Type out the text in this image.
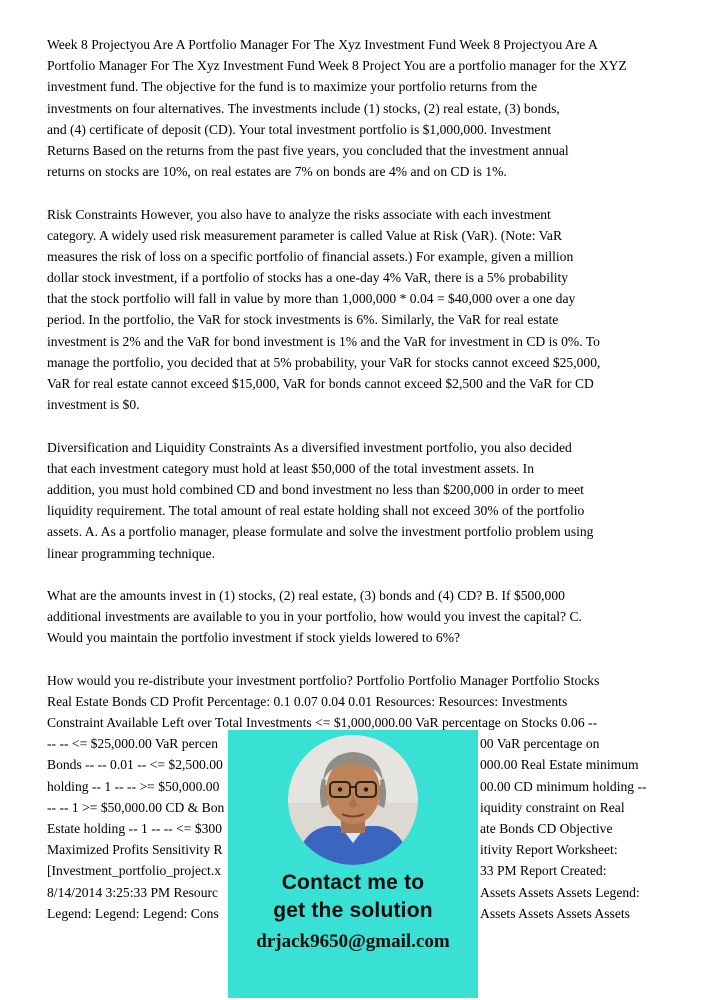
Week 8 Projectyou Are A Portfolio Manager For The Xyz Investment Fund Week 8 Projectyou Are A
Portfolio Manager For The Xyz Investment Fund Week 8 Project You are a portfolio manager for the XYZ
investment fund. The objective for the fund is to maximize your portfolio returns from the
investments on four alternatives. The investments include (1) stocks, (2) real estate, (3) bonds,
and (4) certificate of deposit (CD). Your total investment portfolio is $1,000,000. Investment
Returns Based on the returns from the past five years, you concluded that the investment annual
returns on stocks are 10%, on real estates are 7% on bonds are 4% and on CD is 1%.
Risk Constraints However, you also have to analyze the risks associate with each investment
category. A widely used risk measurement parameter is called Value at Risk (VaR). (Note: VaR
measures the risk of loss on a specific portfolio of financial assets.) For example, given a million
dollar stock investment, if a portfolio of stocks has a one-day 4% VaR, there is a 5% probability
that the stock portfolio will fall in value by more than 1,000,000 * 0.04 = $40,000 over a one day
period. In the portfolio, the VaR for stock investments is 6%. Similarly, the VaR for real estate
investment is 2% and the VaR for bond investment is 1% and the VaR for investment in CD is 0%. To
manage the portfolio, you decided that at 5% probability, your VaR for stocks cannot exceed $25,000,
VaR for real estate cannot exceed $15,000, VaR for bonds cannot exceed $2,500 and the VaR for CD
investment is $0.
Diversification and Liquidity Constraints As a diversified investment portfolio, you also decided
that each investment category must hold at least $50,000 of the total investment assets. In
addition, you must hold combined CD and bond investment no less than $200,000 in order to meet
liquidity requirement. The total amount of real estate holding shall not exceed 30% of the portfolio
assets. A. As a portfolio manager, please formulate and solve the investment portfolio problem using
linear programming technique.
What are the amounts invest in (1) stocks, (2) real estate, (3) bonds and (4) CD? B. If $500,000
additional investments are available to you in your portfolio, how would you invest the capital? C.
Would you maintain the portfolio investment if stock yields lowered to 6%?
How would you re-distribute your investment portfolio? Portfolio Portfolio Manager Portfolio Stocks
Real Estate Bonds CD Profit Percentage: 0.1 0.07 0.04 0.01 Resources: Resources: Investments
Constraint Available Left over Total Investments <= $1,000,000.00 VaR percentage on Stocks 0.06 --
-- -- <= $25,000.00 VaR percen	00 VaR percentage on
Bonds -- -- 0.01 -- <= $2,500.00	000.00 Real Estate minimum
holding -- 1 -- -- >= $50,000.00	00.00 CD minimum holding --
-- -- 1 >= $50,000.00 CD & Bon	iquidity constraint on Real
Estate holding -- 1 -- -- <= $300	ate Bonds CD Objective
Maximized Profits Sensitivity R	itivity Report Worksheet:
[Investment_portfolio_project.x	33 PM Report Created:
8/14/2014 3:25:33 PM Resourc	Assets Assets Assets Legend:
Legend: Legend: Legend: Cons	Assets Assets Assets Assets
Contact me to
get the solution
drjack9650@gmail.com
